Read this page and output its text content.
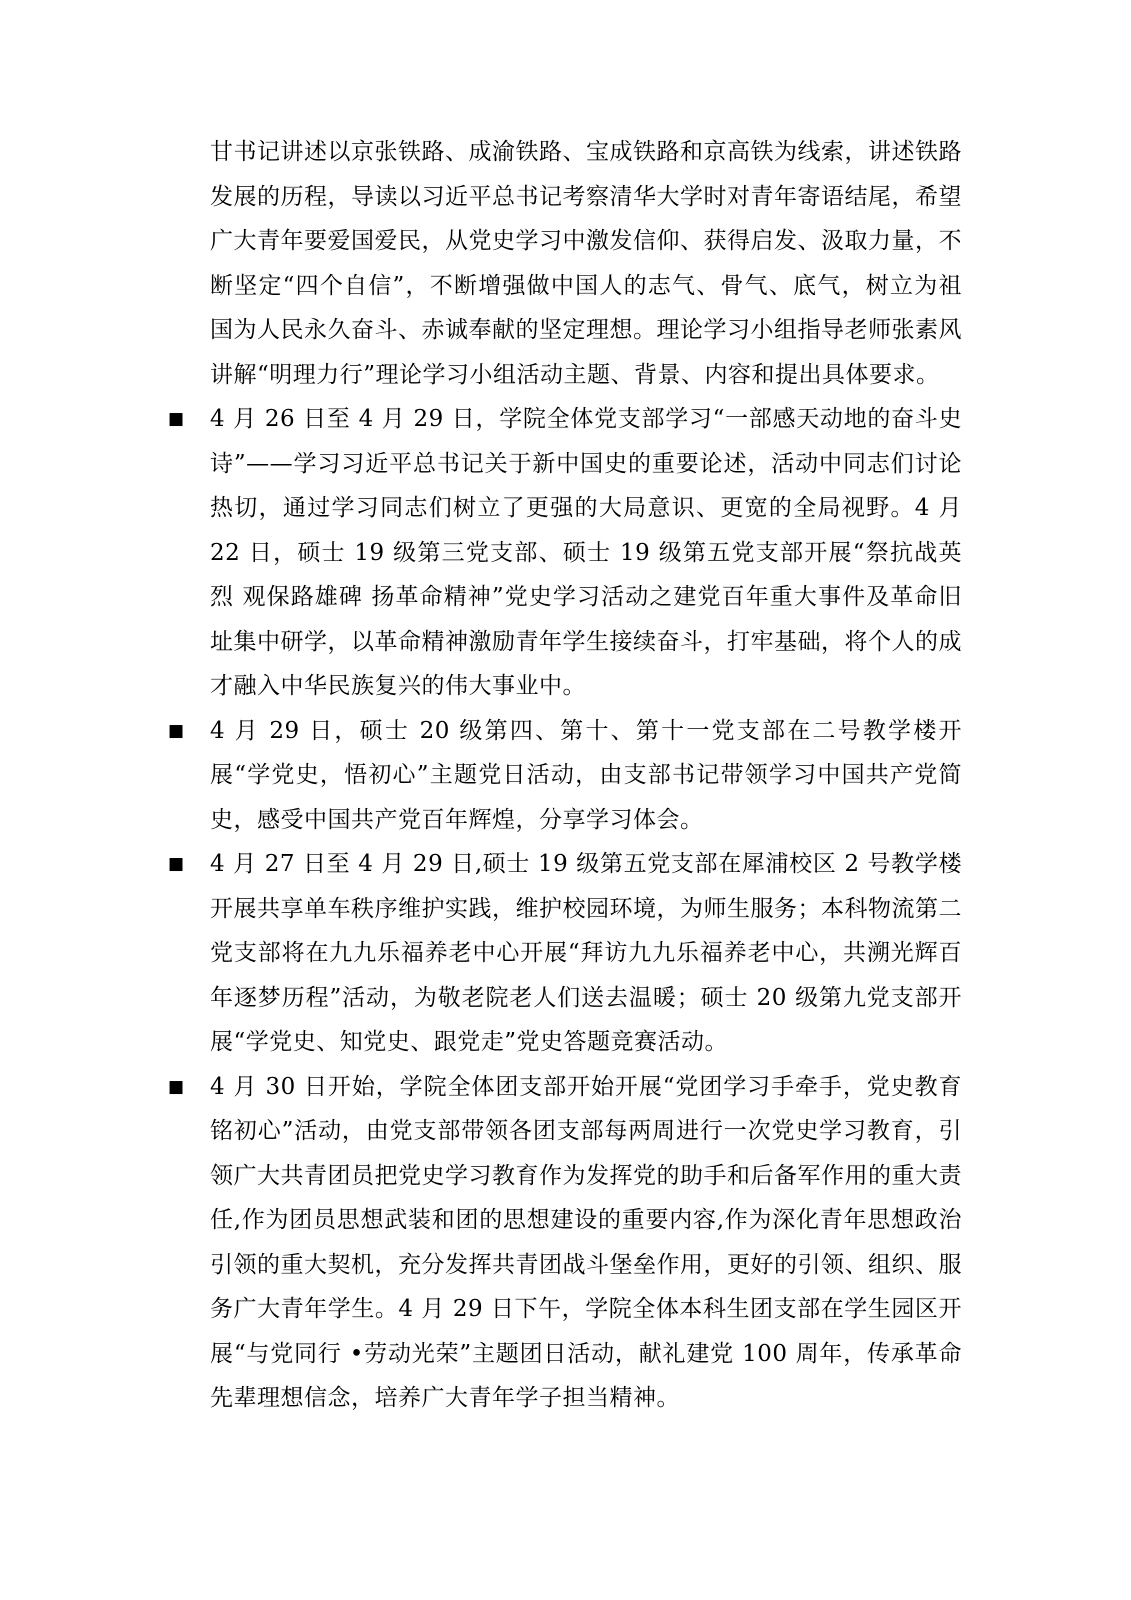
甘书记讲述以京张铁路、成渝铁路、宝成铁路和京高铁为线索，讲述铁路发展的历程，导读以习近平总书记考察清华大学时对青年寄语结尾，希望广大青年要爱国爱民，从党史学习中激发信仰、获得启发、汲取力量，不断坚定“四个自信”，不断增强做中国人的志气、骨气、底气，树立为祖国为人民永久奋斗、赤诚奉献的坚定理想。理论学习小组指导老师张素风讲解“明理力行”理论学习小组活动主题、背景、内容和提出具体要求。

■	4 月 26 日至 4 月 29 日，学院全体党支部学习“一部感天动地的奋斗史诗”——学习习近平总书记关于新中国史的重要论述，活动中同志们讨论热切，通过学习同志们树立了更强的大局意识、更宽的全局视野。4 月 22 日，硕士 19 级第三党支部、硕士 19 级第五党支部开展“祭抗战英烈 观保路雄碑 扬革命精神”党史学习活动之建党百年重大事件及革命旧址集中研学，以革命精神激励青年学生接续奋斗，打牢基础，将个人的成才融入中华民族复兴的伟大事业中。

■	4 月 29 日，硕士 20 级第四、第十、第十一党支部在二号教学楼开展“学党史，悟初心”主题党日活动，由支部书记带领学习中国共产党简史，感受中国共产党百年辉煌，分享学习体会。

■	4 月 27 日至 4 月 29 日,硕士 19 级第五党支部在犀浦校区 2 号教学楼开展共享单车秩序维护实践，维护校园环境，为师生服务；本科物流第二党支部将在九九乐福养老中心开展“拜访九九乐福养老中心，共溯光辉百年逐梦历程”活动，为敬老院老人们送去温暖；硕士 20 级第九党支部开展“学党史、知党史、跟党走”党史答题竞赛活动。

■	4 月 30 日开始，学院全体团支部开始开展“党团学习手牵手，党史教育铭初心”活动，由党支部带领各团支部每两周进行一次党史学习教育，引领广大共青团员把党史学习教育作为发挥党的助手和后备军作用的重大责任,作为团员思想武装和团的思想建设的重要内容,作为深化青年思想政治引领的重大契机，充分发挥共青团战斗堡垒作用，更好的引领、组织、服务广大青年学生。4 月 29 日下午，学院全体本科生团支部在学生园区开展“与党同行 •劳动光荣”主题团日活动，献礼建党 100 周年，传承革命先辈理想信念，培养广大青年学子担当精神。
